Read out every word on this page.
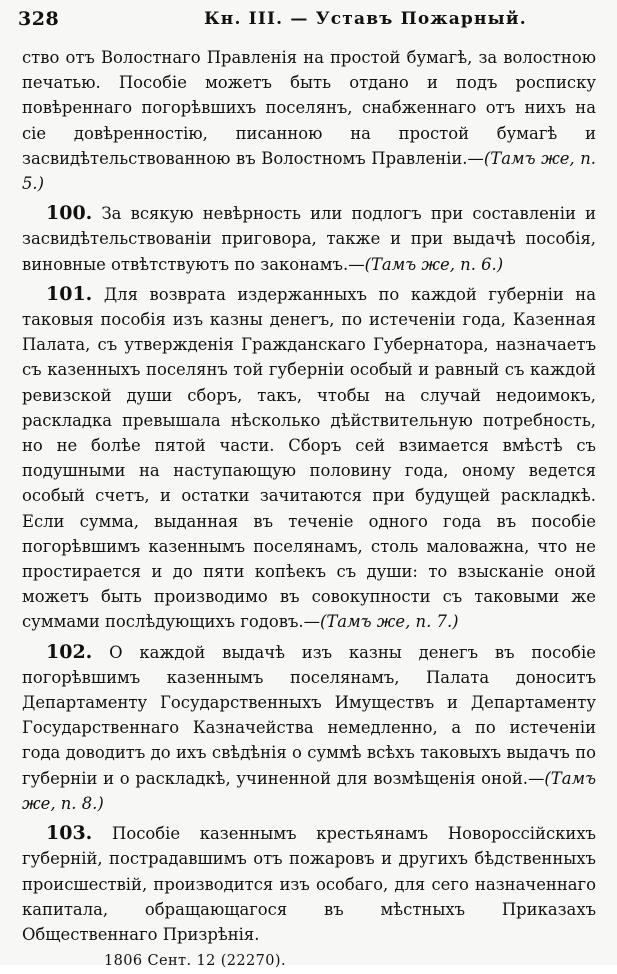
328	Кн. III. — Уставъ Пожарный.

ство отъ Волостнаго Правленія на простой бумагѣ, за волостною печатью. Пособіе можетъ быть отдано и подъ росписку повѣреннаго погорѣвшихъ поселянъ, снабженнаго отъ нихъ на сіе довѣренностію, писанною на простой бумагѣ и засвидѣтельствованною въ Волостномъ Правленіи.—(Тамъ же, п. 5.)

100. За всякую невѣрность или подлогъ при составленіи и засвидѣтельствованіи приговора, также и при выдачѣ пособія, виновные отвѣтствуютъ по законамъ.—(Тамъ же, п. 6.)

101. Для возврата издержанныхъ по каждой губерніи на таковыя пособія изъ казны денегъ, по истеченіи года, Казенная Палата, съ утвержденія Гражданскаго Губернатора, назначаетъ съ казенныхъ поселянъ той губерніи особый и равный съ каждой ревизской души сборъ, такъ, чтобы на случай недоимокъ, раскладка превышала нѣсколько дѣйствительную потребность, но не болѣе пятой части. Сборъ сей взимается вмѣстѣ съ подушными на наступающую половину года, оному ведется особый счетъ, и остатки зачитаются при будущей раскладкѣ. Если сумма, выданная въ теченіе одного года въ пособіе погорѣвшимъ казеннымъ поселянамъ, столь маловажна, что не простирается и до пяти копѣекъ съ души: то взысканіе оной можетъ быть производимо въ совокупности съ таковыми же суммами послѣдующихъ годовъ.—(Тамъ же, п. 7.)

102. О каждой выдачѣ изъ казны денегъ въ пособіе погорѣвшимъ казеннымъ поселянамъ, Палата доноситъ Департаменту Государственныхъ Имуществъ и Департаменту Государственнаго Казначейства немедленно, а по истеченіи года доводитъ до ихъ свѣдѣнія о суммѣ всѣхъ таковыхъ выдачъ по губерніи и о раскладкѣ, учиненной для возмѣщенія оной.—(Тамъ же, п. 8.)

103. Пособіе казеннымъ крестьянамъ Новороссійскихъ губерній, пострадавшимъ отъ пожаровъ и другихъ бѣдственныхъ происшествій, производится изъ особаго, для сего назначеннаго капитала, обращающагося въ мѣстныхъ Приказахъ Общественнаго Призрѣнія.

1806 Сент. 12 (22270).
